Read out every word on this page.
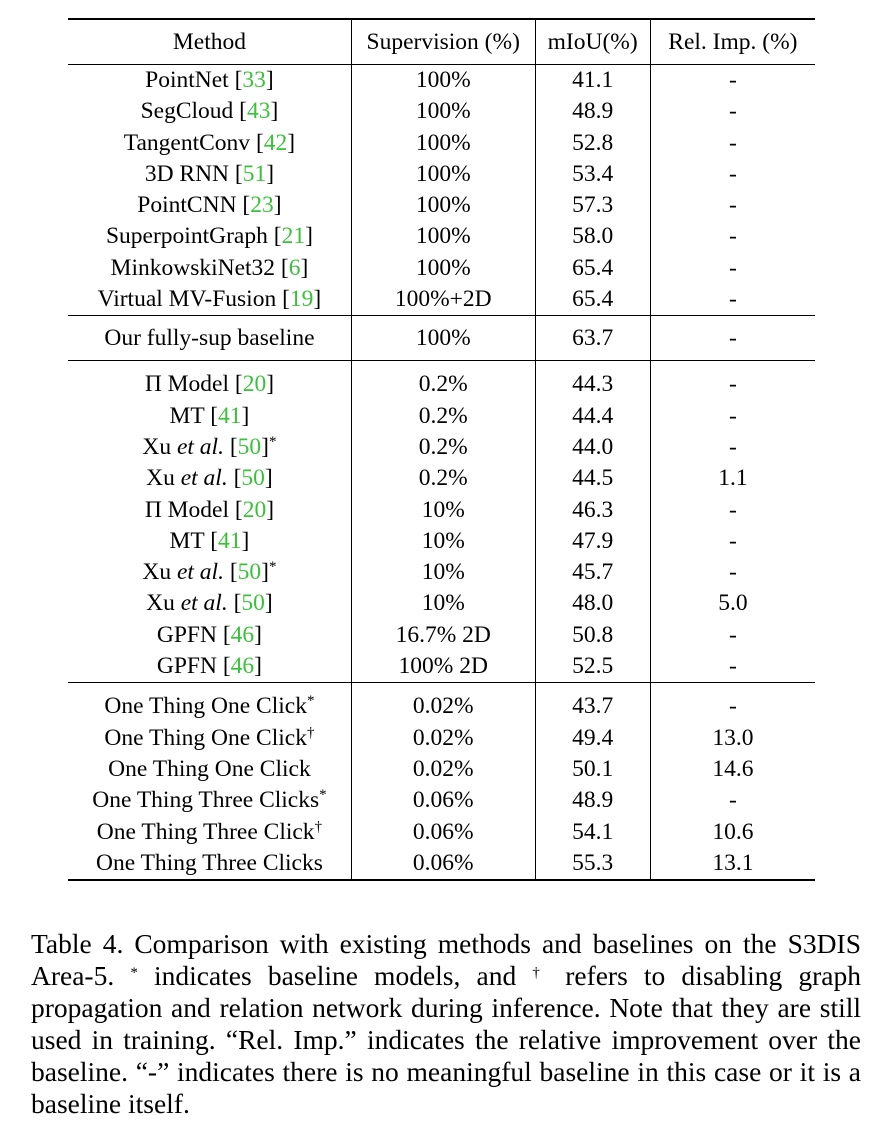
Method	Supervision (%)	mIoU(%)	Rel. Imp. (%)
PointNet [33]	100%	41.1	-
SegCloud [43]	100%	48.9	-
TangentConv [42]	100%	52.8	-
3D RNN [51]	100%	53.4	-
PointCNN [23]	100%	57.3	-
SuperpointGraph [21]	100%	58.0	-
MinkowskiNet32 [6]	100%	65.4	-
Virtual MV-Fusion [19]	100%+2D	65.4	-
Our fully-sup baseline	100%	63.7	-
Π Model [20]	0.2%	44.3	-
MT [41]	0.2%	44.4	-
Xu et al. [50]*	0.2%	44.0	-
Xu et al. [50]	0.2%	44.5	1.1
Π Model [20]	10%	46.3	-
MT [41]	10%	47.9	-
Xu et al. [50]*	10%	45.7	-
Xu et al. [50]	10%	48.0	5.0
GPFN [46]	16.7% 2D	50.8	-
GPFN [46]	100% 2D	52.5	-
One Thing One Click*	0.02%	43.7	-
One Thing One Click†	0.02%	49.4	13.0
One Thing One Click	0.02%	50.1	14.6
One Thing Three Clicks*	0.06%	48.9	-
One Thing Three Click†	0.06%	54.1	10.6
One Thing Three Clicks	0.06%	55.3	13.1

Table 4. Comparison with existing methods and baselines on the S3DIS Area-5. * indicates baseline models, and † refers to disabling graph propagation and relation network during inference. Note that they are still used in training. “Rel. Imp.” indicates the relative improvement over the baseline. “-” indicates there is no meaningful baseline in this case or it is a baseline itself.
